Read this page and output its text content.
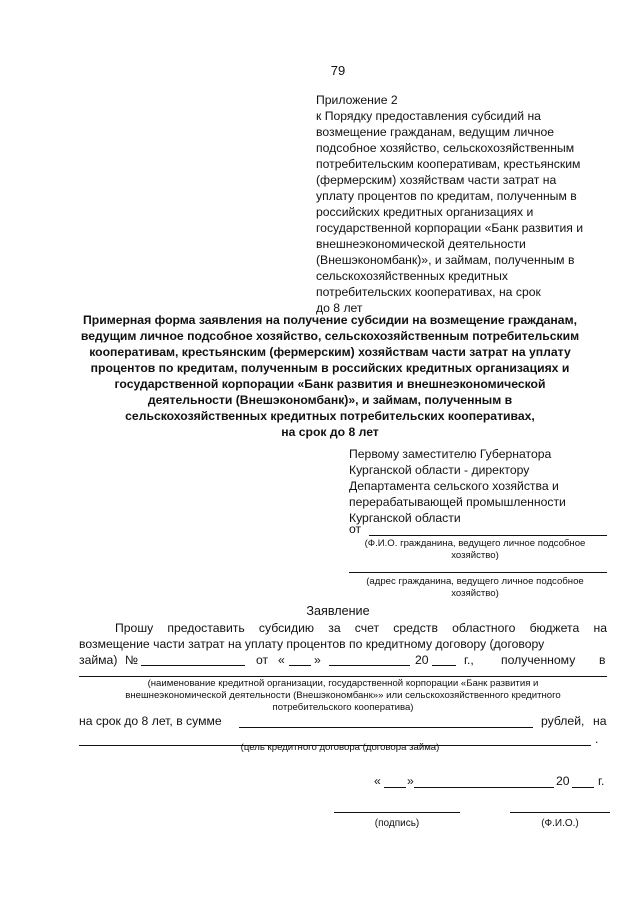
79
Приложение 2
к Порядку предоставления субсидий на
возмещение гражданам, ведущим личное
подсобное хозяйство, сельскохозяйственным
потребительским кооперативам, крестьянским
(фермерским) хозяйствам части затрат на
уплату процентов по кредитам, полученным в
российских кредитных организациях и
государственной корпорации «Банк развития и
внешнеэкономической деятельности
(Внешэкономбанк)», и займам, полученным в
сельскохозяйственных кредитных
потребительских кооперативах, на срок
до 8 лет
Примерная форма заявления на получение субсидии на возмещение гражданам,
ведущим личное подсобное хозяйство, сельскохозяйственным потребительским
кооперативам, крестьянским (фермерским) хозяйствам части затрат на уплату
процентов по кредитам, полученным в российских кредитных организациях и
государственной корпорации «Банк развития и внешнеэкономической
деятельности (Внешэкономбанк)», и займам, полученным в
сельскохозяйственных кредитных потребительских кооперативах,
на срок до 8 лет
Первому заместителю Губернатора
Курганской области - директору
Департамента сельского хозяйства и
перерабатывающей промышленности
Курганской области
от
(Ф.И.О. гражданина, ведущего личное подсобное
хозяйство)
(адрес гражданина, ведущего личное подсобное
хозяйство)
Заявление
Прошу предоставить субсидию за счет средств областного бюджета на
возмещение части затрат на уплату процентов по кредитному договору (договору
займа) №	от « »	20	г., полученному в
(наименование кредитной организации, государственной корпорации «Банк развития и
внешнеэкономической деятельности (Внешэкономбанк»» или сельскохозяйственного кредитного
потребительского кооператива)
на срок до 8 лет, в сумме	рублей, на
.
(цель кредитного договора (договора займа)
« »	20 г.
(подпись)	(Ф.И.О.)
